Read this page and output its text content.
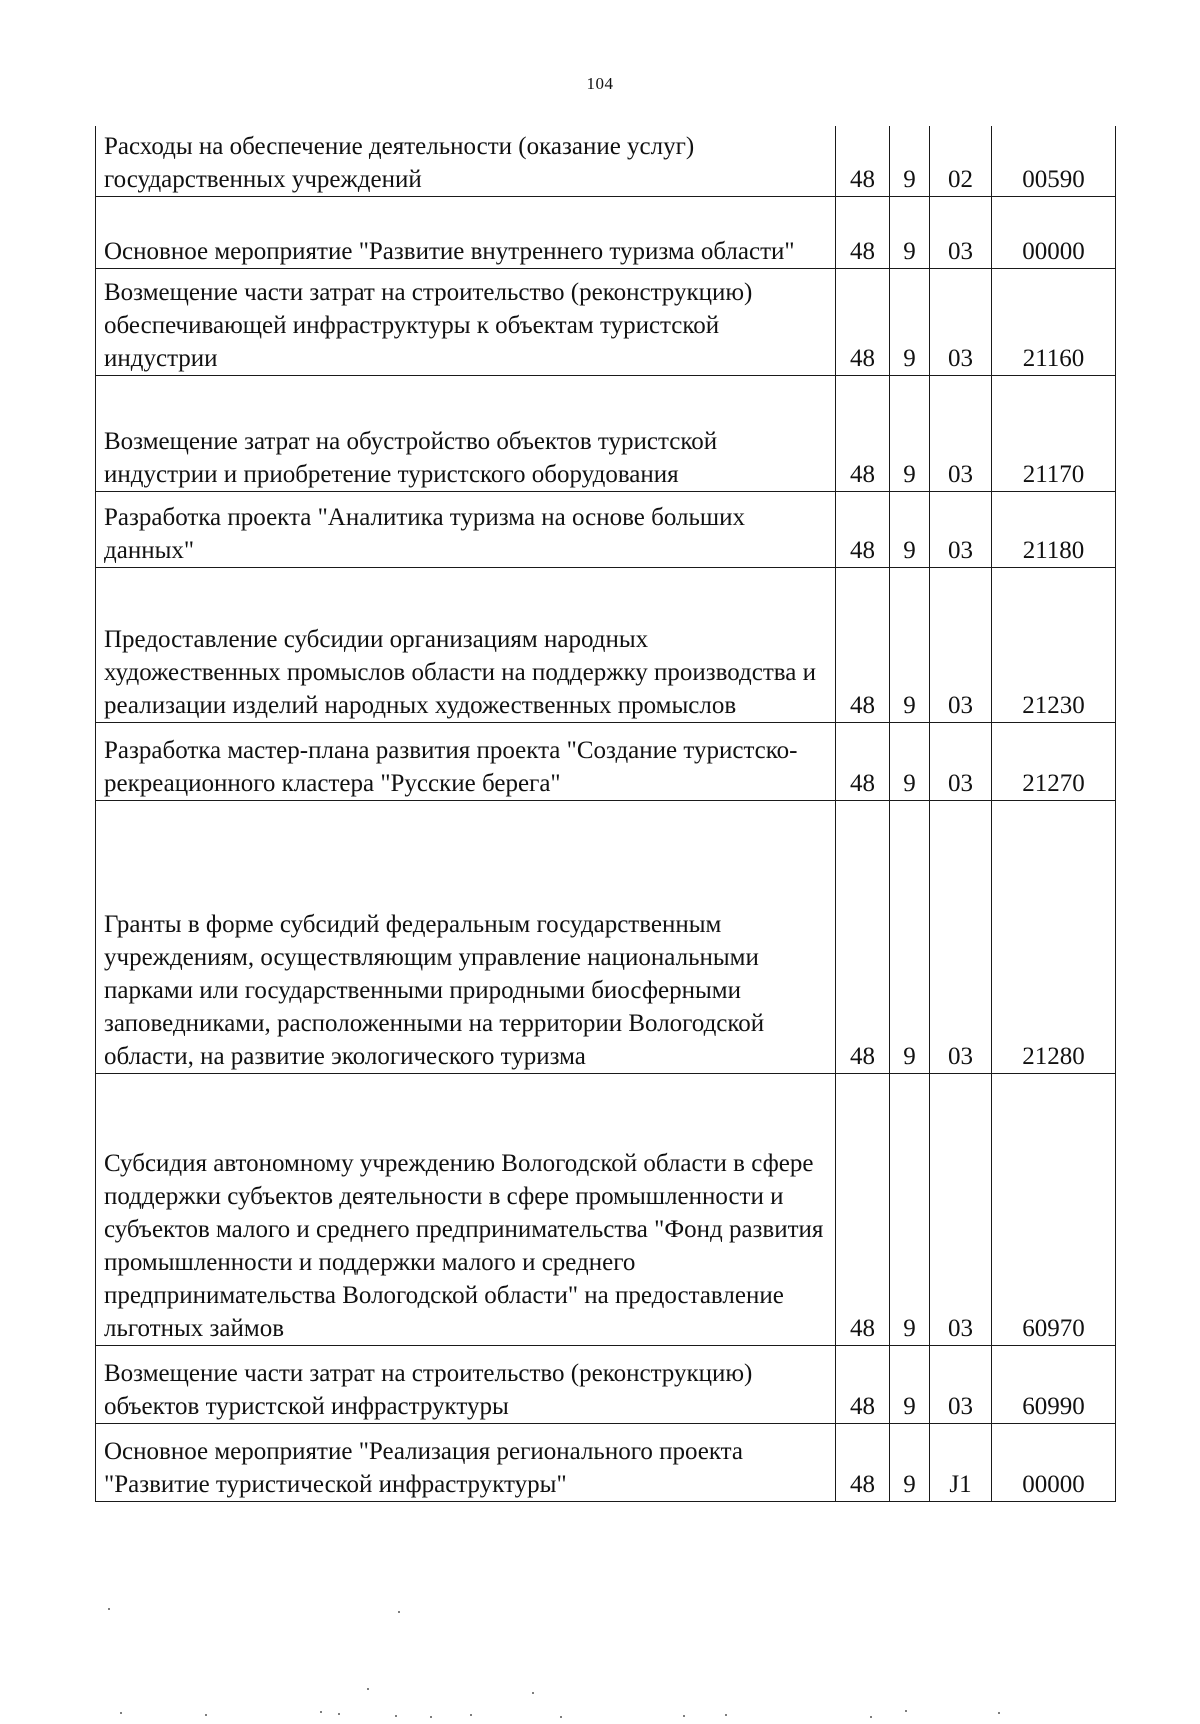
104
Расходы на обеспечение деятельности (оказание услуг) государственных учреждений	48	9	02	00590
Основное мероприятие "Развитие внутреннего туризма области"	48	9	03	00000
Возмещение части затрат на строительство (реконструкцию) обеспечивающей инфраструктуры к объектам туристской индустрии	48	9	03	21160
Возмещение затрат на обустройство объектов туристской индустрии и приобретение туристского оборудования	48	9	03	21170
Разработка проекта "Аналитика туризма на основе больших данных"	48	9	03	21180
Предоставление субсидии организациям народных художественных промыслов области на поддержку производства и реализации изделий народных художественных промыслов	48	9	03	21230
Разработка мастер-плана развития проекта "Создание туристско-рекреационного кластера "Русские берега"	48	9	03	21270
Гранты в форме субсидий федеральным государственным учреждениям, осуществляющим управление национальными парками или государственными природными биосферными заповедниками, расположенными на территории Вологодской области, на развитие экологического туризма	48	9	03	21280
Субсидия автономному учреждению Вологодской области в сфере поддержки субъектов деятельности в сфере промышленности и субъектов малого и среднего предпринимательства "Фонд развития промышленности и поддержки малого и среднего предпринимательства Вологодской области" на предоставление льготных займов	48	9	03	60970
Возмещение части затрат на строительство (реконструкцию) объектов туристской инфраструктуры	48	9	03	60990
Основное мероприятие "Реализация регионального проекта "Развитие туристической инфраструктуры"	48	9	J1	00000
